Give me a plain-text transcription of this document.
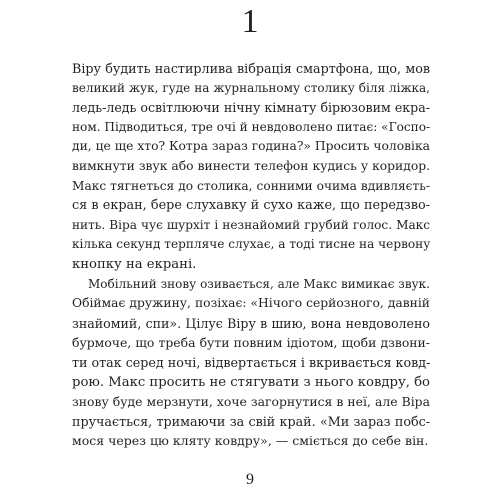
1

Віру будить настирлива вібрація смартфона, що, мов
великий жук, гуде на журнальному столику біля ліжка,
ледь-ледь освітлюючи нічну кімнату бірюзовим екра-
ном. Підводиться, тре очі й невдоволено питає: «Госпо-
ди, це ще хто? Котра зараз година?» Просить чоловіка
вимкнути звук або винести телефон кудись у коридор.
Макс тягнеться до столика, сонними очима вдивляєть-
ся в екран, бере слухавку й сухо каже, що передзво-
нить. Віра чує шурхіт і незнайомий грубий голос. Макс
кілька секунд терпляче слухає, а тоді тисне на червону
кнопку на екрані.

Мобільний знову озивається, але Макс вимикає звук.
Обіймає дружину, позіхає: «Нічого серйозного, давній
знайомий, спи». Цілує Віру в шию, вона невдоволено
бурмоче, що треба бути повним ідіотом, щоби дзвони-
ти отак серед ночі, відвертається і вкривається ковд-
рою. Макс просить не стягувати з нього ковдру, бо
знову буде мерзнути, хоче загорнутися в неї, але Віра
пручається, тримаючи за свій край. «Ми зараз побс-
мося через цю кляту ковдру», — сміється до себе він.

9
